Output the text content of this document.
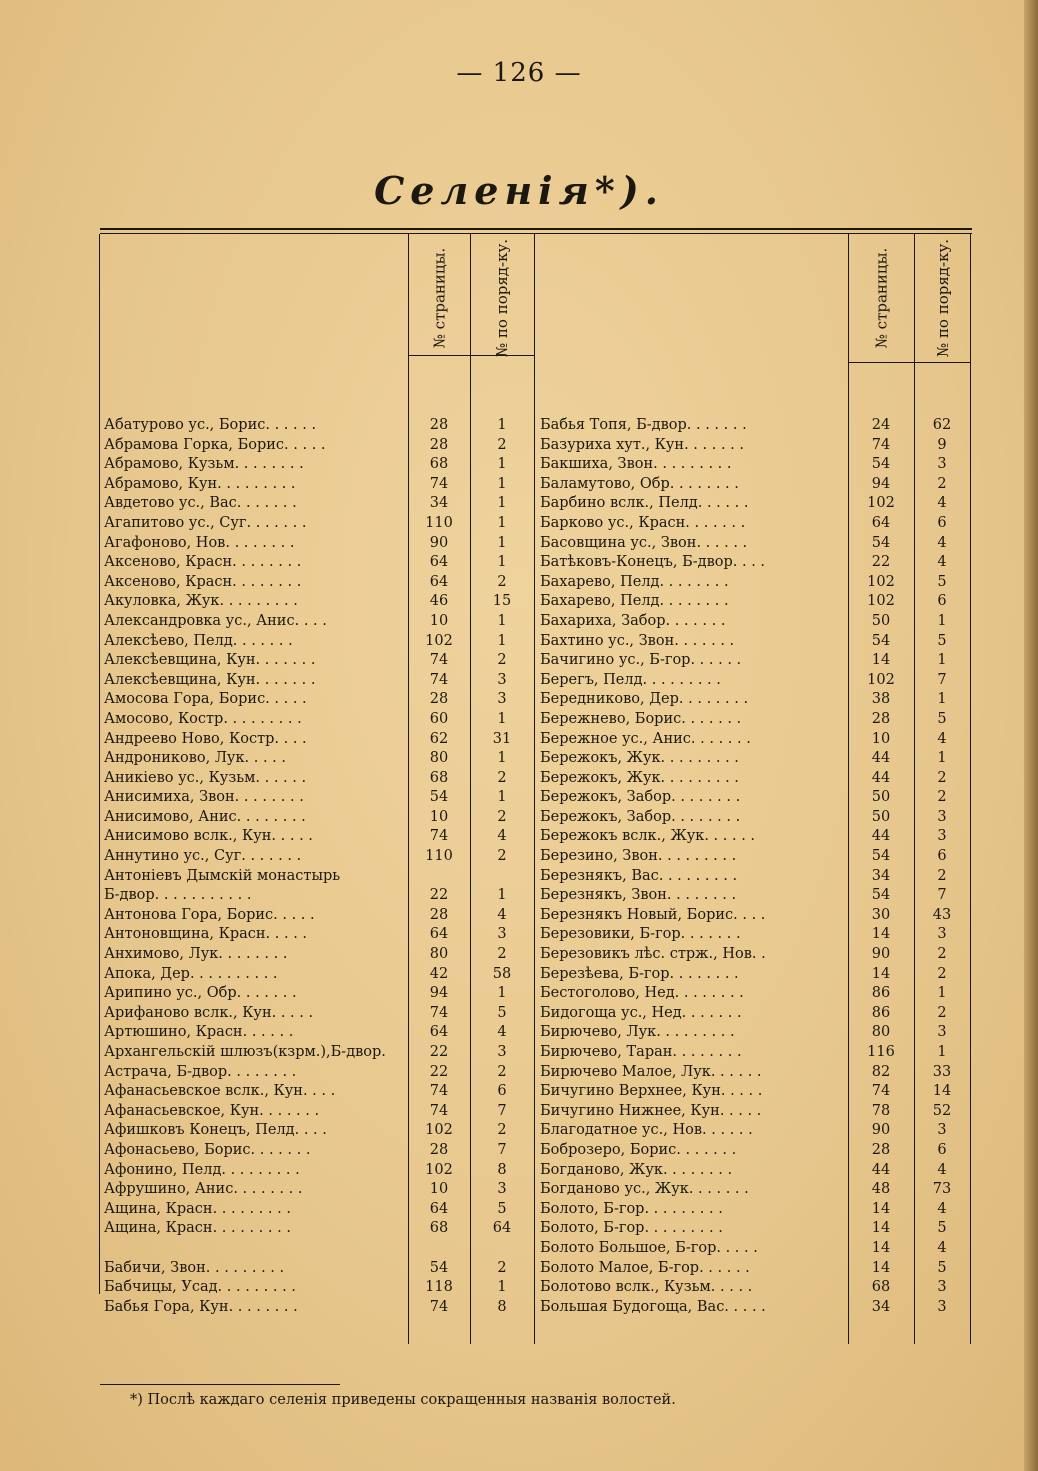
— 126 —
Селенія*).
№ страницы.	№ по поряд-ку.	№ страницы.	№ по поряд-ку.
Абатурово ус., Борис. . . . . .	28	1
Абрамова Горка, Борис. . . . .	28	2
Абрамово, Кузьм. . . . . . . .	68	1
Абрамово, Кун. . . . . . . . .	74	1
Авдетово ус., Вас. . . . . . .	34	1
Агапитово ус., Суг. . . . . . .	110	1
Агафоново, Нов. . . . . . . .	90	1
Аксеново, Красн. . . . . . . .	64	1
Аксеново, Красн. . . . . . . .	64	2
Акуловка, Жук. . . . . . . . .	46	15
Александровка ус., Анис. . . .	10	1
Алексѣево, Пелд. . . . . . .	102	1
Алексѣевщина, Кун. . . . . . .	74	2
Алексѣевщина, Кун. . . . . . .	74	3
Амосова Гора, Борис. . . . .	28	3
Амосово, Костр. . . . . . . . .	60	1
Андреево Ново, Костр. . . .	62	31
Андрониково, Лук. . . . .	80	1
Аникіево ус., Кузьм. . . . . .	68	2
Анисимиха, Звон. . . . . . . .	54	1
Анисимово, Анис. . . . . . . .	10	2
Анисимово вслк., Кун. . . . .	74	4
Аннутино ус., Суг. . . . . . .	110	2
Антоніевъ Дымскій монастырь
Б-двор. . . . . . . . . . .	22	1
Антонова Гора, Борис. . . . .	28	4
Антоновщина, Красн. . . . .	64	3
Анхимово, Лук. . . . . . . .	80	2
Апока, Дер. . . . . . . . . .	42	58
Арипино ус., Обр. . . . . . .	94	1
Арифаново вслк., Кун. . . . .	74	5
Артюшино, Красн. . . . . .	64	4
Архангельскій шлюзъ(кзрм.),Б-двор.	22	3
Астрача, Б-двор. . . . . . . .	22	2
Афанасьевское вслк., Кун. . . .	74	6
Афанасьевское, Кун. . . . . . .	74	7
Афишковъ Конецъ, Пелд. . . .	102	2
Афонасьево, Борис. . . . . . .	28	7
Афонино, Пелд. . . . . . . . .	102	8
Афрушино, Анис. . . . . . . .	10	3
Ащина, Красн. . . . . . . . .	64	5
Ащина, Красн. . . . . . . . .	68	64
Бабичи, Звон. . . . . . . . .	54	2
Бабчицы, Усад. . . . . . . . .	118	1
Бабья Гора, Кун. . . . . . . .	74	8
Бабья Топя, Б-двор. . . . . . .	24	62
Базуриха хут., Кун. . . . . . .	74	9
Бакшиха, Звон. . . . . . . . .	54	3
Баламутово, Обр. . . . . . . .	94	2
Барбино вслк., Пелд. . . . . .	102	4
Барково ус., Красн. . . . . . .	64	6
Басовщина ус., Звон. . . . . .	54	4
Батѣковъ-Конецъ, Б-двор. . . .	22	4
Бахарево, Пелд. . . . . . . .	102	5
Бахарево, Пелд. . . . . . . .	102	6
Бахариха, Забор. . . . . . .	50	1
Бахтино ус., Звон. . . . . . .	54	5
Бачигино ус., Б-гор. . . . . .	14	1
Берегъ, Пелд. . . . . . . . .	102	7
Бередниково, Дер. . . . . . . .	38	1
Бережнево, Борис. . . . . . .	28	5
Бережное ус., Анис. . . . . . .	10	4
Бережокъ, Жук. . . . . . . . .	44	1
Бережокъ, Жук. . . . . . . . .	44	2
Бережокъ, Забор. . . . . . . .	50	2
Бережокъ, Забор. . . . . . . .	50	3
Бережокъ вслк., Жук. . . . . .	44	3
Березино, Звон. . . . . . . . .	54	6
Березнякъ, Вас. . . . . . . . .	34	2
Березнякъ, Звон. . . . . . . .	54	7
Березнякъ Новый, Борис. . . .	30	43
Березовики, Б-гор. . . . . . .	14	3
Березовикъ лѣс. стрж., Нов. .	90	2
Березѣева, Б-гор. . . . . . . .	14	2
Бестоголово, Нед. . . . . . . .	86	1
Бидогоща ус., Нед. . . . . . .	86	2
Бирючево, Лук. . . . . . . . .	80	3
Бирючево, Таран. . . . . . . .	116	1
Бирючево Малое, Лук. . . . . .	82	33
Бичугино Верхнее, Кун. . . . .	74	14
Бичугино Нижнее, Кун. . . . .	78	52
Благодатное ус., Нов. . . . . .	90	3
Боброзеро, Борис. . . . . . .	28	6
Богданово, Жук. . . . . . . .	44	4
Богданово ус., Жук. . . . . . .	48	73
Болото, Б-гор. . . . . . . . .	14	4
Болото, Б-гор. . . . . . . . .	14	5
Болото Большое, Б-гор. . . . .	14	4
Болото Малое, Б-гор. . . . . .	14	5
Болотово вслк., Кузьм. . . . .	68	3
Большая Будогоща, Вас. . . . .	34	3
*) Послѣ каждаго селенія приведены сокращенныя названія волостей.
